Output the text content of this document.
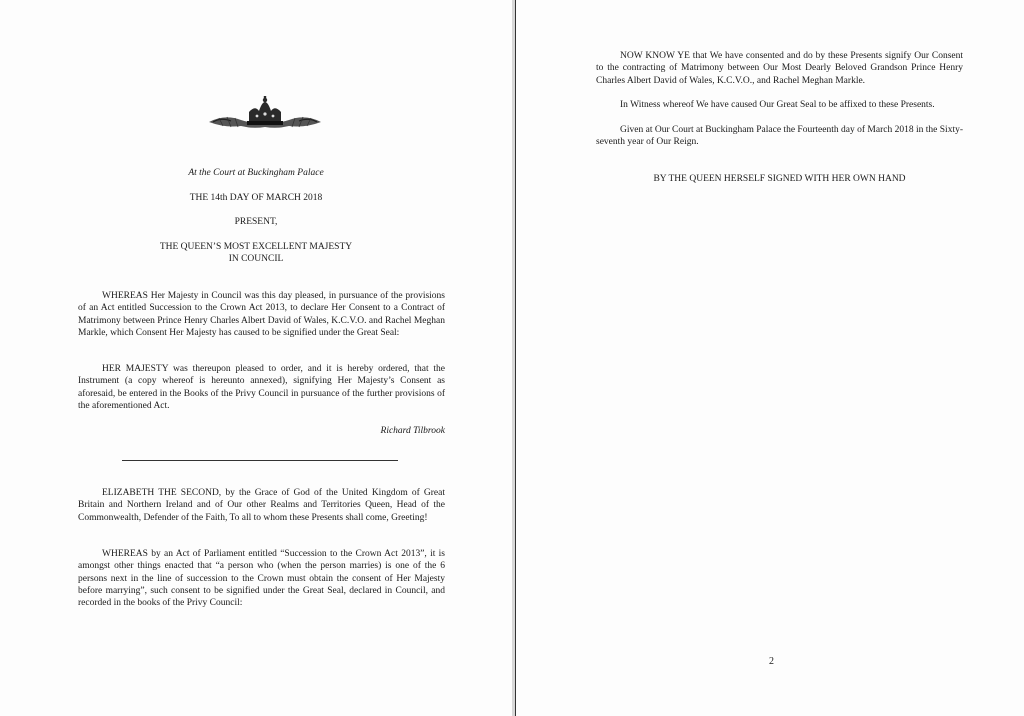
At the Court at Buckingham Palace
THE 14th DAY OF MARCH 2018
PRESENT,
THE QUEEN’S MOST EXCELLENT MAJESTY
IN COUNCIL

WHEREAS Her Majesty in Council was this day pleased, in pursuance of the provisions of an Act entitled Succession to the Crown Act 2013, to declare Her Consent to a Contract of Matrimony between Prince Henry Charles Albert David of Wales, K.C.V.O. and Rachel Meghan Markle, which Consent Her Majesty has caused to be signified under the Great Seal:

HER MAJESTY was thereupon pleased to order, and it is hereby ordered, that the Instrument (a copy whereof is hereunto annexed), signifying Her Majesty’s Consent as aforesaid, be entered in the Books of the Privy Council in pursuance of the further provisions of the aforementioned Act.

Richard Tilbrook

ELIZABETH THE SECOND, by the Grace of God of the United Kingdom of Great Britain and Northern Ireland and of Our other Realms and Territories Queen, Head of the Commonwealth, Defender of the Faith, To all to whom these Presents shall come, Greeting!

WHEREAS by an Act of Parliament entitled “Succession to the Crown Act 2013”, it is amongst other things enacted that “a person who (when the person marries) is one of the 6 persons next in the line of succession to the Crown must obtain the consent of Her Majesty before marrying”, such consent to be signified under the Great Seal, declared in Council, and recorded in the books of the Privy Council:

NOW KNOW YE that We have consented and do by these Presents signify Our Consent to the contracting of Matrimony between Our Most Dearly Beloved Grandson Prince Henry Charles Albert David of Wales, K.C.V.O., and Rachel Meghan Markle.

In Witness whereof We have caused Our Great Seal to be affixed to these Presents.

Given at Our Court at Buckingham Palace the Fourteenth day of March 2018 in the Sixty-seventh year of Our Reign.

BY THE QUEEN HERSELF SIGNED WITH HER OWN HAND
2
